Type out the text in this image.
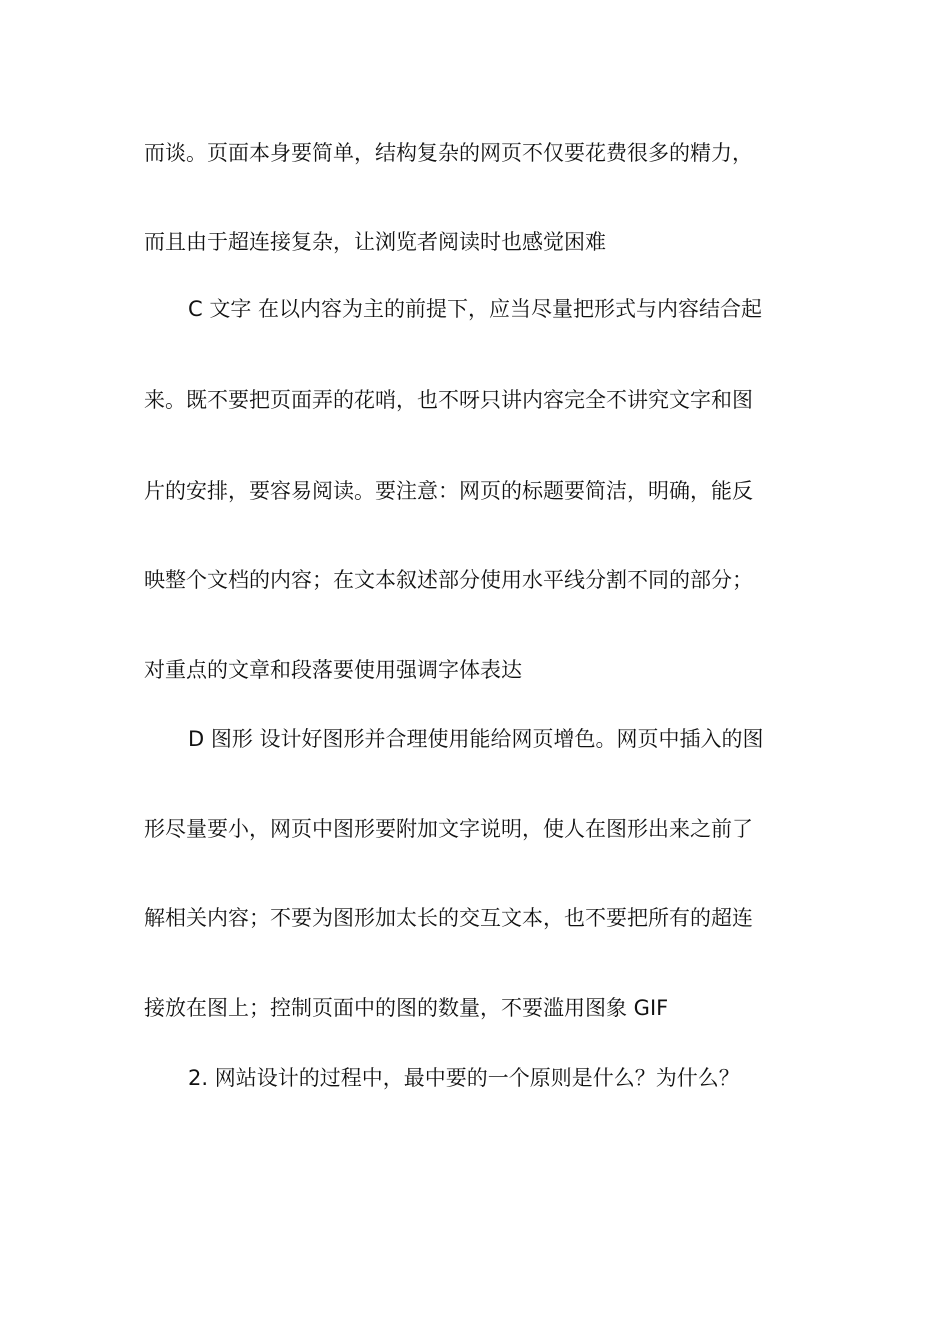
而谈。页面本身要简单，结构复杂的网页不仅要花费很多的精力，
而且由于超连接复杂，让浏览者阅读时也感觉困难
C 文字 在以内容为主的前提下，应当尽量把形式与内容结合起
来。既不要把页面弄的花哨，也不呀只讲内容完全不讲究文字和图
片的安排，要容易阅读。要注意：网页的标题要简洁，明确，能反
映整个文档的内容；在文本叙述部分使用水平线分割不同的部分；
对重点的文章和段落要使用强调字体表达
D 图形 设计好图形并合理使用能给网页增色。网页中插入的图
形尽量要小，网页中图形要附加文字说明，使人在图形出来之前了
解相关内容；不要为图形加太长的交互文本，也不要把所有的超连
接放在图上；控制页面中的图的数量，不要滥用图象 GIF
2. 网站设计的过程中，最中要的一个原则是什么？为什么？
